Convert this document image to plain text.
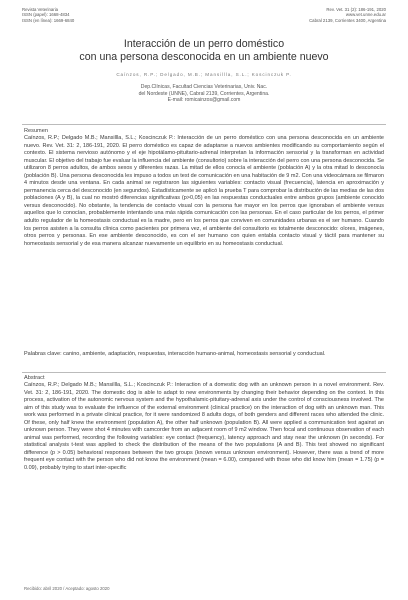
Revista Veterinaria
ISSN (papel): 1668-4834
ISSN (en línea): 1669-6840
Rev. Vet. 31 (2): 186-191, 2020
www.vet.unne.edu.ar
Cabral 2139, Corrientes 3400, Argentina
Interacción de un perro doméstico
con una persona desconocida en un ambiente nuevo
Caínzos, R.P.; Delgado, M.B.; Mansillla, S.L.; Koscinczuk P.
Dep.Clínicas, Facultad Ciencias Veterinarias, Univ. Nac.
del Nordeste (UNNE), Cabral 2139, Corrientes, Argentina.
E-mail: romicainzos@gmail.com
Resumen
Caínzos, R.P.; Delgado M.B.; Mansillla, S.L.; Koscinczuk P.: Interacción de un perro doméstico con una persona desconocida en un ambiente nuevo. Rev. Vet. 31: 2, 186-191, 2020. El perro doméstico es capaz de adaptarse a nuevos ambientes modificando su comportamiento según el contexto. El sistema nervioso autónomo y el eje hipotálamo-pituitario-adrenal interpretan la información sensorial y la transforman en actividad muscular. El objetivo del trabajo fue evaluar la influencia del ambiente (consultorio) sobre la interacción del perro con una persona desconocida. Se utilizaron 8 perros adultos, de ambos sexos y diferentes razas. La mitad de ellos conocía el ambiente (población A) y la otra mitad lo desconocía (población B). Una persona desconocida les impuso a todos un test de comunicación en una habitación de 9 m2. Con una videocámara se filmaron 4 minutos desde una ventana. En cada animal se registraron las siguientes variables: contacto visual (frecuencia), latencia en aproximación y permanencia cerca del desconocido (en segundos). Estadísticamente se aplicó la prueba T para comprobar la distribución de las medias de las dos poblaciones (A y B), la cual no mostró diferencias significativas (p>0,05) en las respuestas conductuales entre ambos grupos (ambiente conocido versus desconocido). No obstante, la tendencia de contacto visual con la persona fue mayor en los perros que ignoraban el ambiente versus aquellos que lo conocían, probablemente intentando una más rápida comunicación con las personas. En el caso particular de los perros, el primer adulto regulador de la homeostasis conductual es la madre, pero en los perros que conviven en comunidades urbanas es el ser humano. Cuando los perros asisten a la consulta clínica como pacientes por primera vez, el ambiente del consultorio es totalmente desconocido: olores, imágenes, otros perros y personas. En ese ambiente desconocido, es con el ser humano con quien entabla contacto visual y táctil para mantener su homeostasis sensorial y de esa manera alcanzar nuevamente un equilibrio en su homeostasis conductual.
Palabras clave: canino, ambiente, adaptación, respuestas, interacción humano-animal, homeostasis sensorial y conductual.
Abstract
Caínzos, R.P.; Delgado M.B.; Mansillla, S.L.; Koscinczuk P.: Interaction of a domestic dog with an unknown person in a novel environment. Rev. Vet. 31: 2, 186-191, 2020. The domestic dog is able to adapt to new environments by changing their behavior depending on the context. In this process, activation of the autonomic nervous system and the hypothalamic-pituitary-adrenal axis under the control of consciousness involved. The aim of this study was to evaluate the influence of the external environment (clinical practice) on the interaction of dog with an unknown man. This work was performed in a private clinical practice, for it were randomized 8 adults dogs, of both genders and different races who attended the clinic. Of these, only half knew the environment (population A), the other half unknown (population B). All were applied a communication test against an unknown person. They were shot 4 minutes with camcorder from an adjacent room of 9 m2 window. Then focal and continuous observation of each animal was performed, recording the following variables: eye contact (frequency), latency approach and stay near the unknown (in seconds). For statistical analysis t-test was applied to check the distribution of the means of the two populations (A and B). This test showed no significant difference (p > 0.05) behavioral responses between the two groups (known versus unknown environment). However, there was a trend of more frequent eye contact with the person who did not know the environment (mean = 6.00), compared with those who did know him (mean = 1.75) (p = 0.09), probably trying to start inter-specific
Recibido: abril 2020 / Aceptado: agosto 2020
